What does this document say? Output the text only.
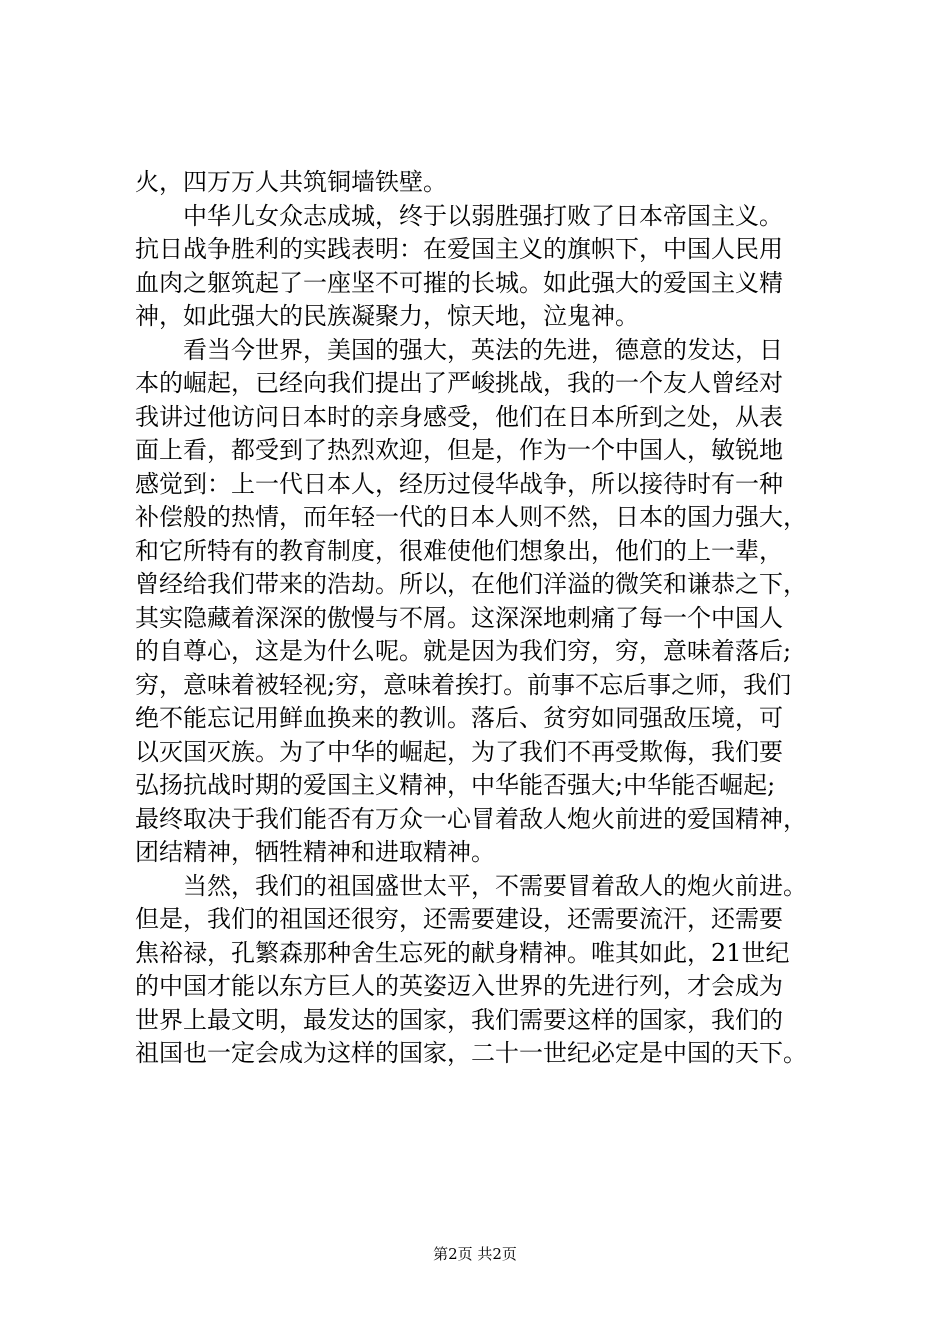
火，四万万人共筑铜墙铁壁。
中华儿女众志成城，终于以弱胜强打败了日本帝国主义。
抗日战争胜利的实践表明：在爱国主义的旗帜下，中国人民用
血肉之躯筑起了一座坚不可摧的长城。如此强大的爱国主义精
神，如此强大的民族凝聚力，惊天地，泣鬼神。
看当今世界，美国的强大，英法的先进，德意的发达，日
本的崛起，已经向我们提出了严峻挑战，我的一个友人曾经对
我讲过他访问日本时的亲身感受，他们在日本所到之处，从表
面上看，都受到了热烈欢迎，但是，作为一个中国人，敏锐地
感觉到：上一代日本人，经历过侵华战争，所以接待时有一种
补偿般的热情，而年轻一代的日本人则不然，日本的国力强大，
和它所特有的教育制度，很难使他们想象出，他们的上一辈，
曾经给我们带来的浩劫。所以，在他们洋溢的微笑和谦恭之下，
其实隐藏着深深的傲慢与不屑。这深深地刺痛了每一个中国人
的自尊心，这是为什么呢。就是因为我们穷，穷，意味着落后;
穷，意味着被轻视;穷，意味着挨打。前事不忘后事之师，我们
绝不能忘记用鲜血换来的教训。落后、贫穷如同强敌压境，可
以灭国灭族。为了中华的崛起，为了我们不再受欺侮，我们要
弘扬抗战时期的爱国主义精神，中华能否强大;中华能否崛起;
最终取决于我们能否有万众一心冒着敌人炮火前进的爱国精神，
团结精神，牺牲精神和进取精神。
当然，我们的祖国盛世太平，不需要冒着敌人的炮火前进。
但是，我们的祖国还很穷，还需要建设，还需要流汗，还需要
焦裕禄，孔繁森那种舍生忘死的献身精神。唯其如此，21世纪
的中国才能以东方巨人的英姿迈入世界的先进行列，才会成为
世界上最文明，最发达的国家，我们需要这样的国家，我们的
祖国也一定会成为这样的国家，二十一世纪必定是中国的天下。
第2页 共2页
